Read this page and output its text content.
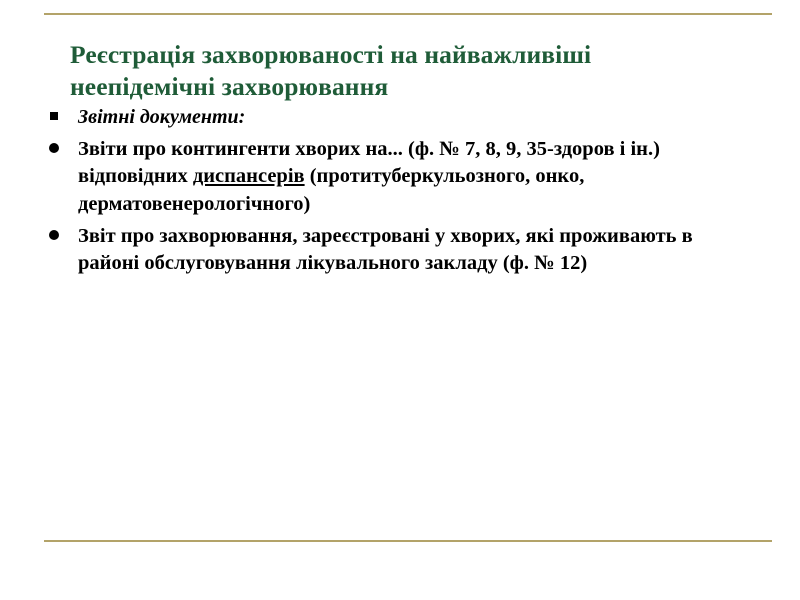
Реєстрація захворюваності на найважливіші неепідемічні захворювання
Звітні документи:
Звіти про контингенти хворих на... (ф. № 7, 8, 9, 35-здоров і ін.) відповідних диспансерів (протитуберкульозного, онко, дерматовенерологічного)
Звіт про захворювання, зареєстровані у хворих, які проживають в районі обслуговування лікувального закладу (ф. № 12)
